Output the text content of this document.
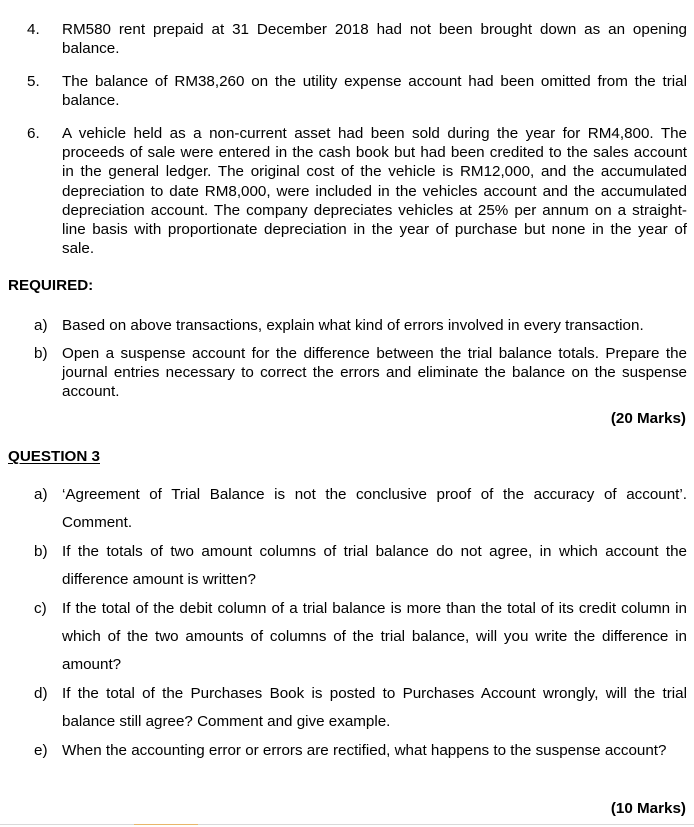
4. RM580 rent prepaid at 31 December 2018 had not been brought down as an opening balance.
5. The balance of RM38,260 on the utility expense account had been omitted from the trial balance.
6. A vehicle held as a non-current asset had been sold during the year for RM4,800. The proceeds of sale were entered in the cash book but had been credited to the sales account in the general ledger. The original cost of the vehicle is RM12,000, and the accumulated depreciation to date RM8,000, were included in the vehicles account and the accumulated depreciation account. The company depreciates vehicles at 25% per annum on a straight-line basis with proportionate depreciation in the year of purchase but none in the year of sale.
REQUIRED:
a) Based on above transactions, explain what kind of errors involved in every transaction.
b) Open a suspense account for the difference between the trial balance totals. Prepare the journal entries necessary to correct the errors and eliminate the balance on the suspense account.
(20 Marks)
QUESTION 3
a) ‘Agreement of Trial Balance is not the conclusive proof of the accuracy of account’. Comment.
b) If the totals of two amount columns of trial balance do not agree, in which account the difference amount is written?
c) If the total of the debit column of a trial balance is more than the total of its credit column in which of the two amounts of columns of the trial balance, will you write the difference in amount?
d) If the total of the Purchases Book is posted to Purchases Account wrongly, will the trial balance still agree? Comment and give example.
e) When the accounting error or errors are rectified, what happens to the suspense account?
(10 Marks)
